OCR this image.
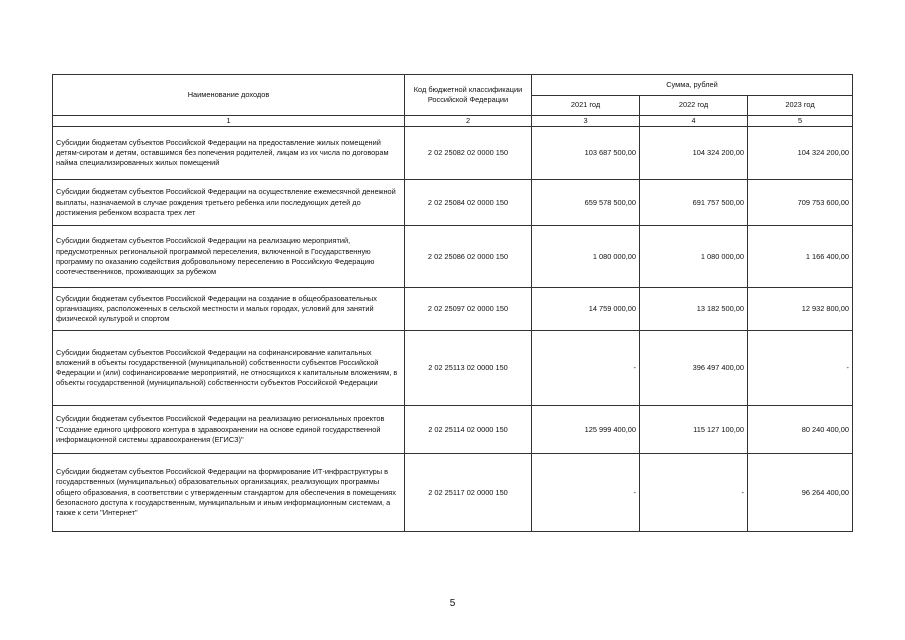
Наименование доходов	Код бюджетной классификации Российской Федерации	Сумма, рублей		
		2021 год	2022 год	2023 год
1	2	3	4	5
Субсидии бюджетам субъектов Российской Федерации на предоставление жилых помещений детям-сиротам и детям, оставшимся без попечения родителей, лицам из их числа по договорам найма специализированных жилых помещений	2 02 25082 02 0000 150	103 687 500,00	104 324 200,00	104 324 200,00
Субсидии бюджетам субъектов Российской Федерации на осуществление ежемесячной денежной выплаты, назначаемой в случае рождения третьего ребенка или последующих детей до достижения ребенком возраста трех лет	2 02 25084 02 0000 150	659 578 500,00	691 757 500,00	709 753 600,00
Субсидии бюджетам субъектов Российской Федерации на реализацию мероприятий, предусмотренных региональной программой переселения, включенной в Государственную программу по оказанию содействия добровольному переселению в Российскую Федерацию соотечественников, проживающих за рубежом	2 02 25086 02 0000 150	1 080 000,00	1 080 000,00	1 166 400,00
Субсидии бюджетам субъектов Российской Федерации на создание в общеобразовательных организациях, расположенных в сельской местности и малых городах, условий для занятий физической культурой и спортом	2 02 25097 02 0000 150	14 759 000,00	13 182 500,00	12 932 800,00
Субсидии бюджетам субъектов Российской Федерации на софинансирование капитальных вложений в объекты государственной (муниципальной) собственности субъектов Российской Федерации и (или) софинансирование мероприятий, не относящихся к капитальным вложениям, в объекты государственной (муниципальной) собственности субъектов Российской Федерации	2 02 25113 02 0000 150	-	396 497 400,00	-
Субсидии бюджетам субъектов Российской Федерации на реализацию региональных проектов "Создание единого цифрового контура в здравоохранении на основе единой государственной информационной системы здравоохранения (ЕГИСЗ)"	2 02 25114 02 0000 150	125 999 400,00	115 127 100,00	80 240 400,00
Субсидии бюджетам субъектов Российской Федерации на формирование ИТ-инфраструктуры в государственных (муниципальных) образовательных организациях, реализующих программы общего образования, в соответствии с утвержденным стандартом для обеспечения в помещениях безопасного доступа к государственным, муниципальным и иным информационным системам, а также к сети "Интернет"	2 02 25117 02 0000 150	-	-	96 264 400,00
5
